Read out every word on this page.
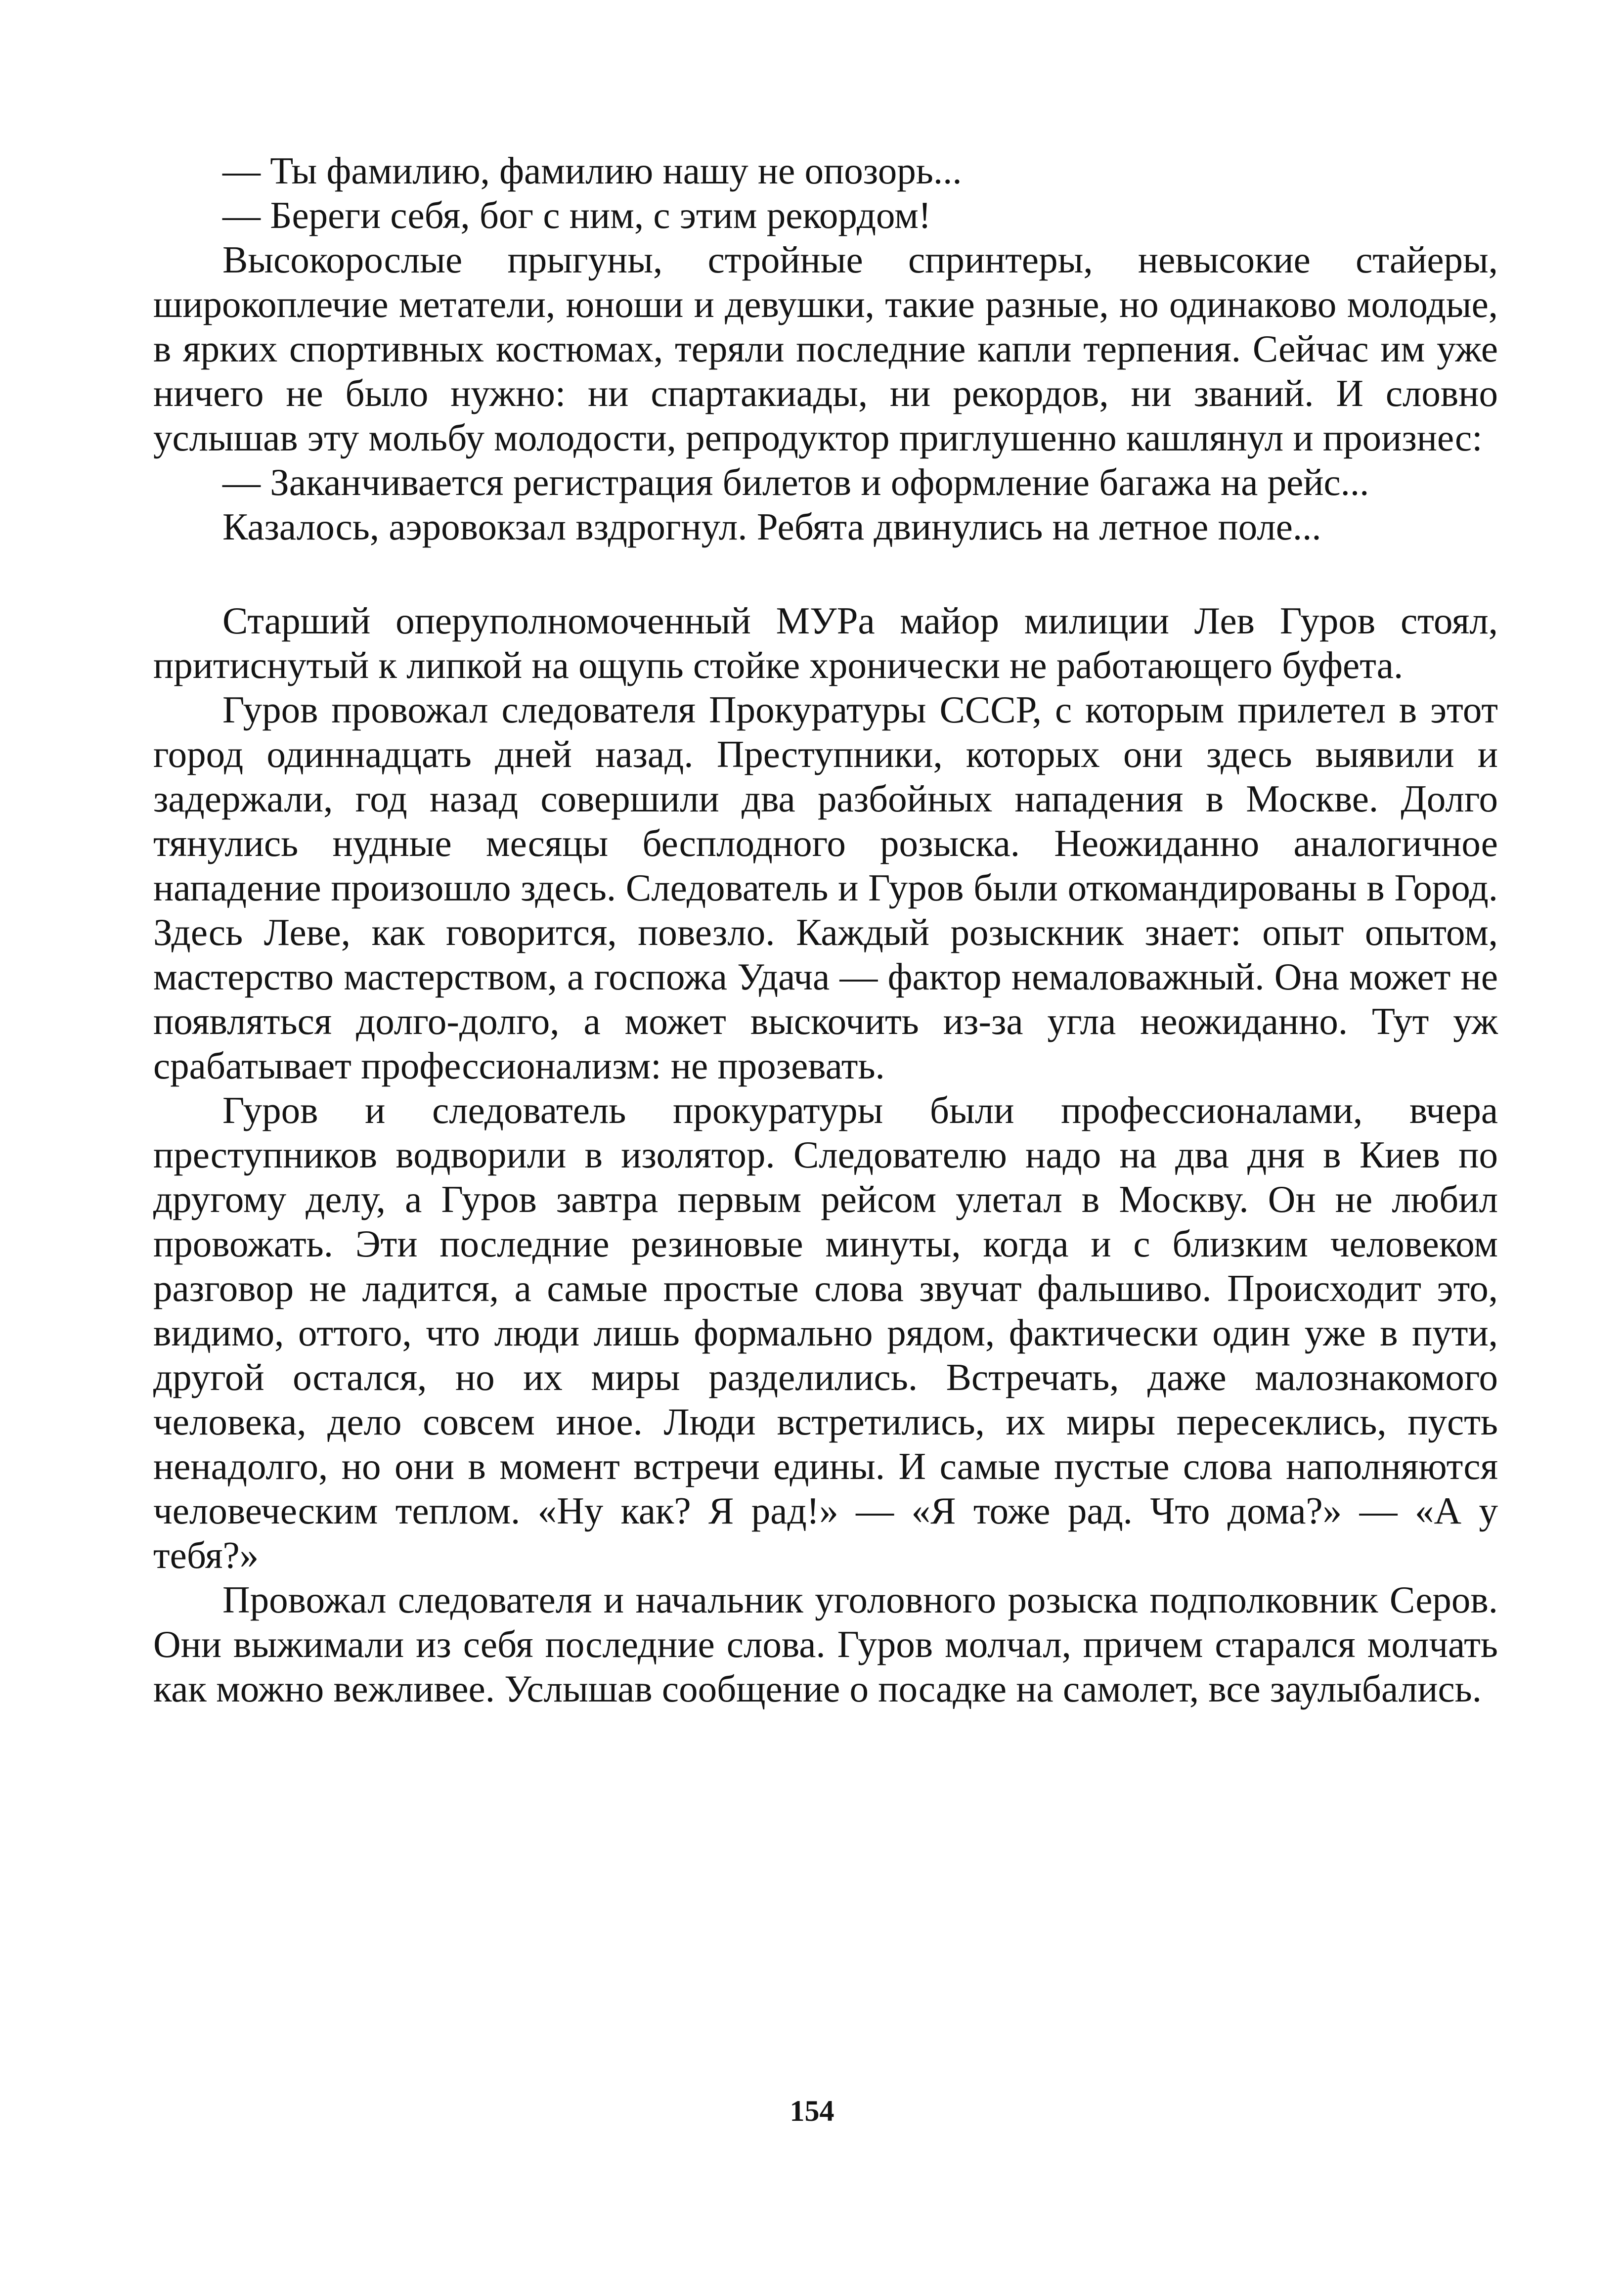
— Ты фамилию, фамилию нашу не опозорь...

— Береги себя, бог с ним, с этим рекордом!

Высокорослые прыгуны, стройные спринтеры, невысокие стайеры, широкоплечие метатели, юноши и девушки, такие разные, но одинаково молодые, в ярких спортивных костюмах, теряли последние капли терпения. Сейчас им уже ничего не было нужно: ни спартакиады, ни рекордов, ни званий. И словно услышав эту мольбу молодости, репродуктор приглушенно кашлянул и произнес:

— Заканчивается регистрация билетов и оформление багажа на рейс...

Казалось, аэровокзал вздрогнул. Ребята двинулись на летное поле...

Старший оперуполномоченный МУРа майор милиции Лев Гуров стоял, притиснутый к липкой на ощупь стойке хронически не работающего буфета.

Гуров провожал следователя Прокуратуры СССР, с которым прилетел в этот город одиннадцать дней назад. Преступники, которых они здесь выявили и задержали, год назад совершили два разбойных нападения в Москве. Долго тянулись нудные месяцы бесплодного розыска. Неожиданно аналогичное нападение произошло здесь. Следователь и Гуров были откомандированы в Город. Здесь Леве, как говорится, повезло. Каждый розыскник знает: опыт опытом, мастерство мастерством, а госпожа Удача — фактор немаловажный. Она может не появляться долго-долго, а может выскочить из-за угла неожиданно. Тут уж срабатывает профессионализм: не прозевать.

Гуров и следователь прокуратуры были профессионалами, вчера преступников водворили в изолятор. Следователю надо на два дня в Киев по другому делу, а Гуров завтра первым рейсом улетал в Москву. Он не любил провожать. Эти последние резиновые минуты, когда и с близким человеком разговор не ладится, а самые простые слова звучат фальшиво. Происходит это, видимо, оттого, что люди лишь формально рядом, фактически один уже в пути, другой остался, но их миры разделились. Встречать, даже малознакомого человека, дело совсем иное. Люди встретились, их миры пересеклись, пусть ненадолго, но они в момент встречи едины. И самые пустые слова наполняются человеческим теплом. «Ну как? Я рад!» — «Я тоже рад. Что дома?» — «А у тебя?»

Провожал следователя и начальник уголовного розыска подполковник Серов. Они выжимали из себя последние слова. Гуров молчал, причем старался молчать как можно вежливее. Услышав сообщение о посадке на самолет, все заулыбались.

154
